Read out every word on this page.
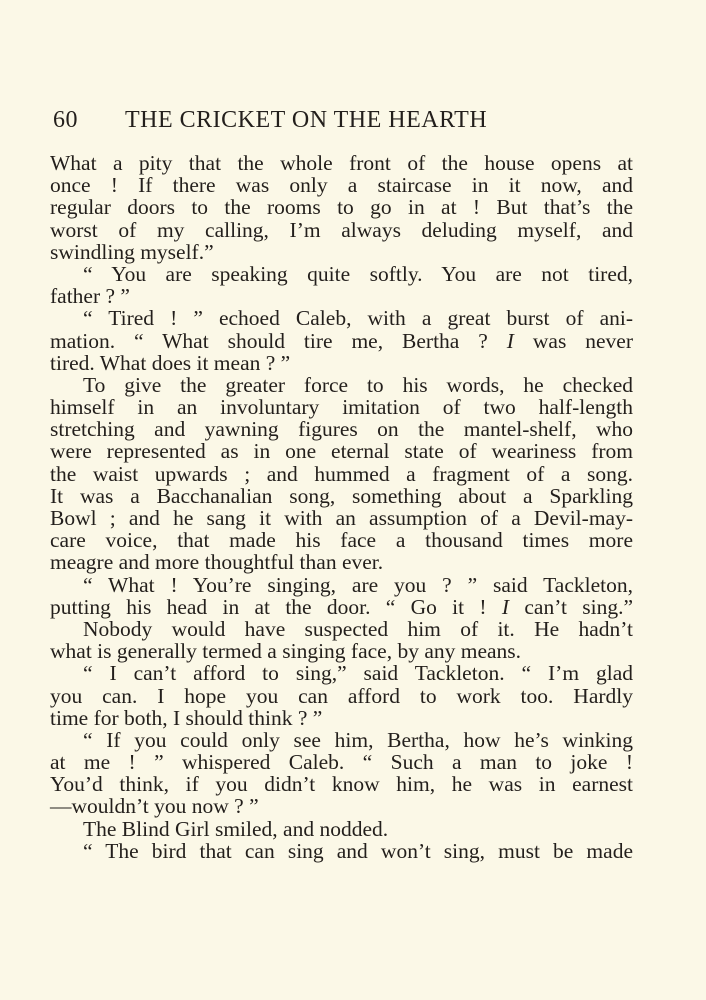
60 THE CRICKET ON THE HEARTH
What a pity that the whole front of the house opens at
once ! If there was only a staircase in it now, and
regular doors to the rooms to go in at ! But that’s the
worst of my calling, I’m always deluding myself, and
swindling myself.”
“ You are speaking quite softly. You are not tired,
father ? ”
“ Tired ! ” echoed Caleb, with a great burst of ani-
mation. “ What should tire me, Bertha ? I was never
tired. What does it mean ? ”
To give the greater force to his words, he checked
himself in an involuntary imitation of two half-length
stretching and yawning figures on the mantel-shelf, who
were represented as in one eternal state of weariness from
the waist upwards ; and hummed a fragment of a song.
It was a Bacchanalian song, something about a Sparkling
Bowl ; and he sang it with an assumption of a Devil-may-
care voice, that made his face a thousand times more
meagre and more thoughtful than ever.
“ What ! You’re singing, are you ? ” said Tackleton,
putting his head in at the door. “ Go it ! I can’t sing.”
Nobody would have suspected him of it. He hadn’t
what is generally termed a singing face, by any means.
“ I can’t afford to sing,” said Tackleton. “ I’m glad
you can. I hope you can afford to work too. Hardly
time for both, I should think ? ”
“ If you could only see him, Bertha, how he’s winking
at me ! ” whispered Caleb. “ Such a man to joke !
You’d think, if you didn’t know him, he was in earnest
—wouldn’t you now ? ”
The Blind Girl smiled, and nodded.
“ The bird that can sing and won’t sing, must be made
